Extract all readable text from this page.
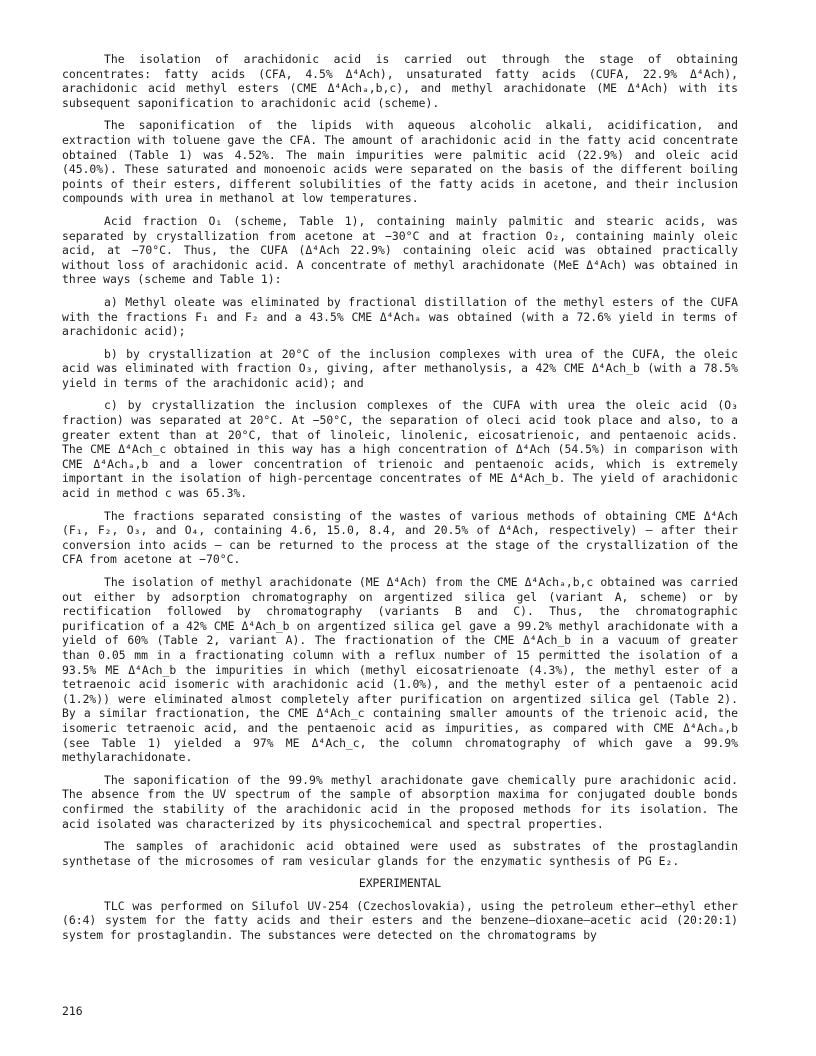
The isolation of arachidonic acid is carried out through the stage of obtaining concentrates: fatty acids (CFA, 4.5% Δ⁴Ach), unsaturated fatty acids (CUFA, 22.9% Δ⁴Ach), arachidonic acid methyl esters (CME Δ⁴Achₐ,b,c), and methyl arachidonate (ME Δ⁴Ach) with its subsequent saponification to arachidonic acid (scheme).

The saponification of the lipids with aqueous alcoholic alkali, acidification, and extraction with toluene gave the CFA. The amount of arachidonic acid in the fatty acid concentrate obtained (Table 1) was 4.52%. The main impurities were palmitic acid (22.9%) and oleic acid (45.0%). These saturated and monoenoic acids were separated on the basis of the different boiling points of their esters, different solubilities of the fatty acids in acetone, and their inclusion compounds with urea in methanol at low temperatures.

Acid fraction O₁ (scheme, Table 1), containing mainly palmitic and stearic acids, was separated by crystallization from acetone at −30°C and at fraction O₂, containing mainly oleic acid, at −70°C. Thus, the CUFA (Δ⁴Ach 22.9%) containing oleic acid was obtained practically without loss of arachidonic acid. A concentrate of methyl arachidonate (MeE Δ⁴Ach) was obtained in three ways (scheme and Table 1):

a) Methyl oleate was eliminated by fractional distillation of the methyl esters of the CUFA with the fractions F₁ and F₂ and a 43.5% CME Δ⁴Achₐ was obtained (with a 72.6% yield in terms of arachidonic acid);

b) by crystallization at 20°C of the inclusion complexes with urea of the CUFA, the oleic acid was eliminated with fraction O₃, giving, after methanolysis, a 42% CME Δ⁴Ach_b (with a 78.5% yield in terms of the arachidonic acid); and

c) by crystallization the inclusion complexes of the CUFA with urea the oleic acid (O₃ fraction) was separated at 20°C. At −50°C, the separation of oleci acid took place and also, to a greater extent than at 20°C, that of linoleic, linolenic, eicosatrienoic, and pentaenoic acids. The CME Δ⁴Ach_c obtained in this way has a high concentration of Δ⁴Ach (54.5%) in comparison with CME Δ⁴Achₐ,b and a lower concentration of trienoic and pentaenoic acids, which is extremely important in the isolation of high-percentage concentrates of ME Δ⁴Ach_b. The yield of arachidonic acid in method c was 65.3%.

The fractions separated consisting of the wastes of various methods of obtaining CME Δ⁴Ach (F₁, F₂, O₃, and O₄, containing 4.6, 15.0, 8.4, and 20.5% of Δ⁴Ach, respectively) — after their conversion into acids — can be returned to the process at the stage of the crystallization of the CFA from acetone at −70°C.

The isolation of methyl arachidonate (ME Δ⁴Ach) from the CME Δ⁴Achₐ,b,c obtained was carried out either by adsorption chromatography on argentized silica gel (variant A, scheme) or by rectification followed by chromatography (variants B and C). Thus, the chromatographic purification of a 42% CME Δ⁴Ach_b on argentized silica gel gave a 99.2% methyl arachidonate with a yield of 60% (Table 2, variant A). The fractionation of the CME Δ⁴Ach_b in a vacuum of greater than 0.05 mm in a fractionating column with a reflux number of 15 permitted the isolation of a 93.5% ME Δ⁴Ach_b the impurities in which (methyl eicosatrienoate (4.3%), the methyl ester of a tetraenoic acid isomeric with arachidonic acid (1.0%), and the methyl ester of a pentaenoic acid (1.2%)) were eliminated almost completely after purification on argentized silica gel (Table 2). By a similar fractionation, the CME Δ⁴Ach_c containing smaller amounts of the trienoic acid, the isomeric tetraenoic acid, and the pentaenoic acid as impurities, as compared with CME Δ⁴Achₐ,b (see Table 1) yielded a 97% ME Δ⁴Ach_c, the column chromatography of which gave a 99.9% methylarachidonate.

The saponification of the 99.9% methyl arachidonate gave chemically pure arachidonic acid. The absence from the UV spectrum of the sample of absorption maxima for conjugated double bonds confirmed the stability of the arachidonic acid in the proposed methods for its isolation. The acid isolated was characterized by its physicochemical and spectral properties.

The samples of arachidonic acid obtained were used as substrates of the prostaglandin synthetase of the microsomes of ram vesicular glands for the enzymatic synthesis of PG E₂.

EXPERIMENTAL

TLC was performed on Silufol UV-254 (Czechoslovakia), using the petroleum ether—ethyl ether (6:4) system for the fatty acids and their esters and the benzene—dioxane—acetic acid (20:20:1) system for prostaglandin. The substances were detected on the chromatograms by

216
